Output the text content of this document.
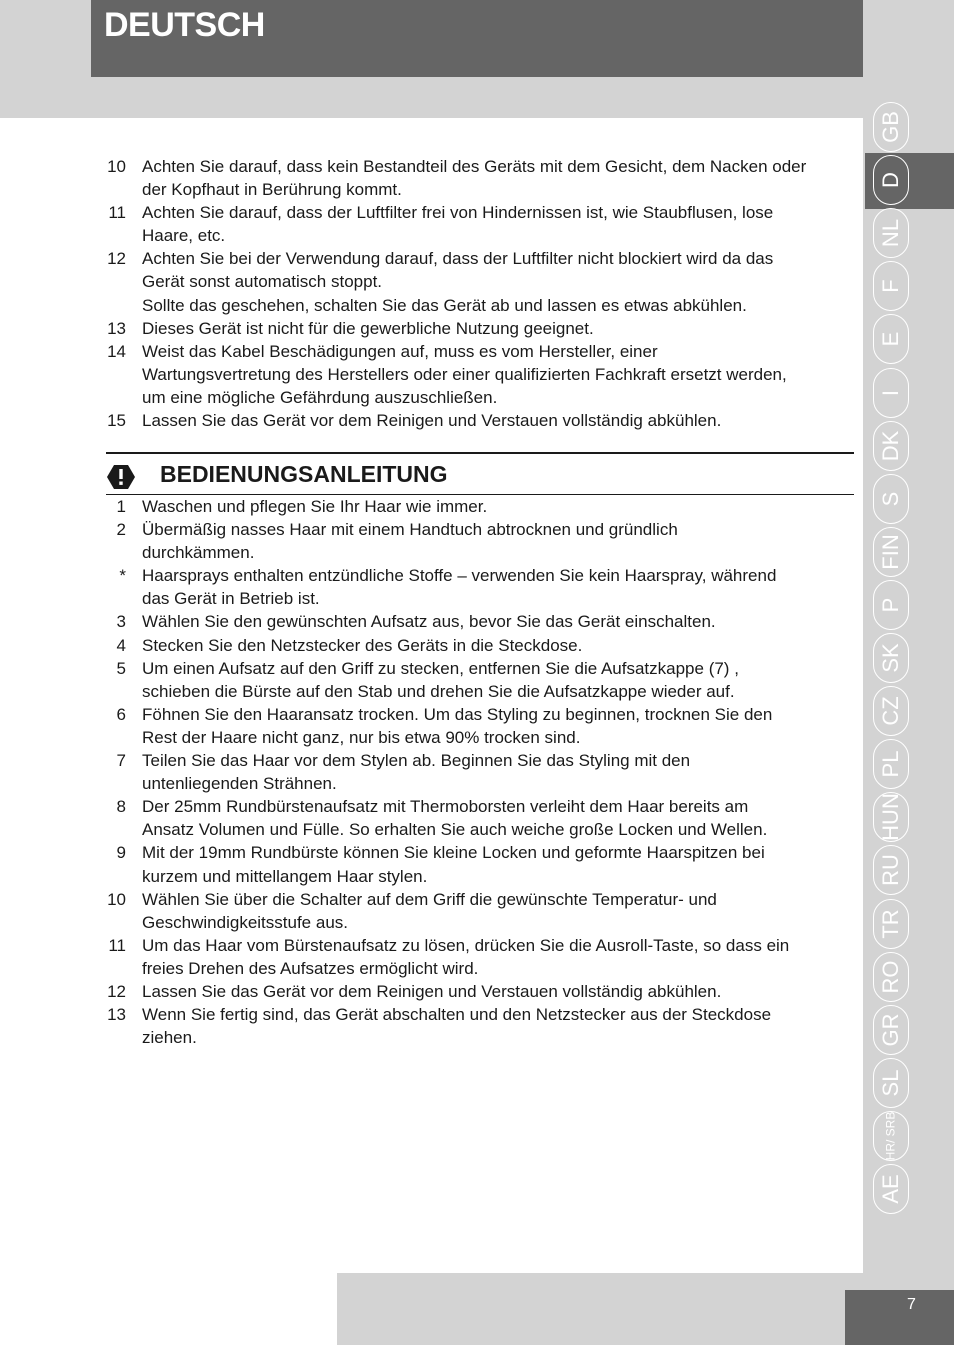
DEUTSCH
10 Achten Sie darauf, dass kein Bestandteil des Geräts mit dem Gesicht, dem Nacken oder
der Kopfhaut in Berührung kommt.
11 Achten Sie darauf, dass der Luftfilter frei von Hindernissen ist, wie Staubflusen, lose
Haare, etc.
12 Achten Sie bei der Verwendung darauf, dass der Luftfilter nicht blockiert wird da das
Gerät sonst automatisch stoppt.
Sollte das geschehen, schalten Sie das Gerät ab und lassen es etwas abkühlen.
13 Dieses Gerät ist nicht für die gewerbliche Nutzung geeignet.
14 Weist das Kabel Beschädigungen auf, muss es vom Hersteller, einer
Wartungsvertretung des Herstellers oder einer qualifizierten Fachkraft ersetzt werden,
um eine mögliche Gefährdung auszuschließen.
15 Lassen Sie das Gerät vor dem Reinigen und Verstauen vollständig abkühlen.
BEDIENUNGSANLEITUNG
1 Waschen und pflegen Sie Ihr Haar wie immer.
2 Übermäßig nasses Haar mit einem Handtuch abtrocknen und gründlich
durchkämmen.
* Haarsprays enthalten entzündliche Stoffe – verwenden Sie kein Haarspray, während
das Gerät in Betrieb ist.
3 Wählen Sie den gewünschten Aufsatz aus, bevor Sie das Gerät einschalten.
4 Stecken Sie den Netzstecker des Geräts in die Steckdose.
5 Um einen Aufsatz auf den Griff zu stecken, entfernen Sie die Aufsatzkappe (7) ,
schieben die Bürste auf den Stab und drehen Sie die Aufsatzkappe wieder auf.
6 Föhnen Sie den Haaransatz trocken. Um das Styling zu beginnen, trocknen Sie den
Rest der Haare nicht ganz, nur bis etwa 90% trocken sind.
7 Teilen Sie das Haar vor dem Stylen ab. Beginnen Sie das Styling mit den
untenliegenden Strähnen.
8 Der 25mm Rundbürstenaufsatz mit Thermoborsten verleiht dem Haar bereits am
Ansatz Volumen und Fülle. So erhalten Sie auch weiche große Locken und Wellen.
9 Mit der 19mm Rundbürste können Sie kleine Locken und geformte Haarspitzen bei
kurzem und mittellangem Haar stylen.
10 Wählen Sie über die Schalter auf dem Griff die gewünschte Temperatur- und
Geschwindigkeitsstufe aus.
11 Um das Haar vom Bürstenaufsatz zu lösen, drücken Sie die Ausroll-Taste, so dass ein
freies Drehen des Aufsatzes ermöglicht wird.
12 Lassen Sie das Gerät vor dem Reinigen und Verstauen vollständig abkühlen.
13 Wenn Sie fertig sind, das Gerät abschalten und den Netzstecker aus der Steckdose
ziehen.
GB
D
NL
F
E
I
DK
S
FIN
P
SK
CZ
PL
HUN
RU
TR
RO
GR
SL
HR/ SRB
AE
7
